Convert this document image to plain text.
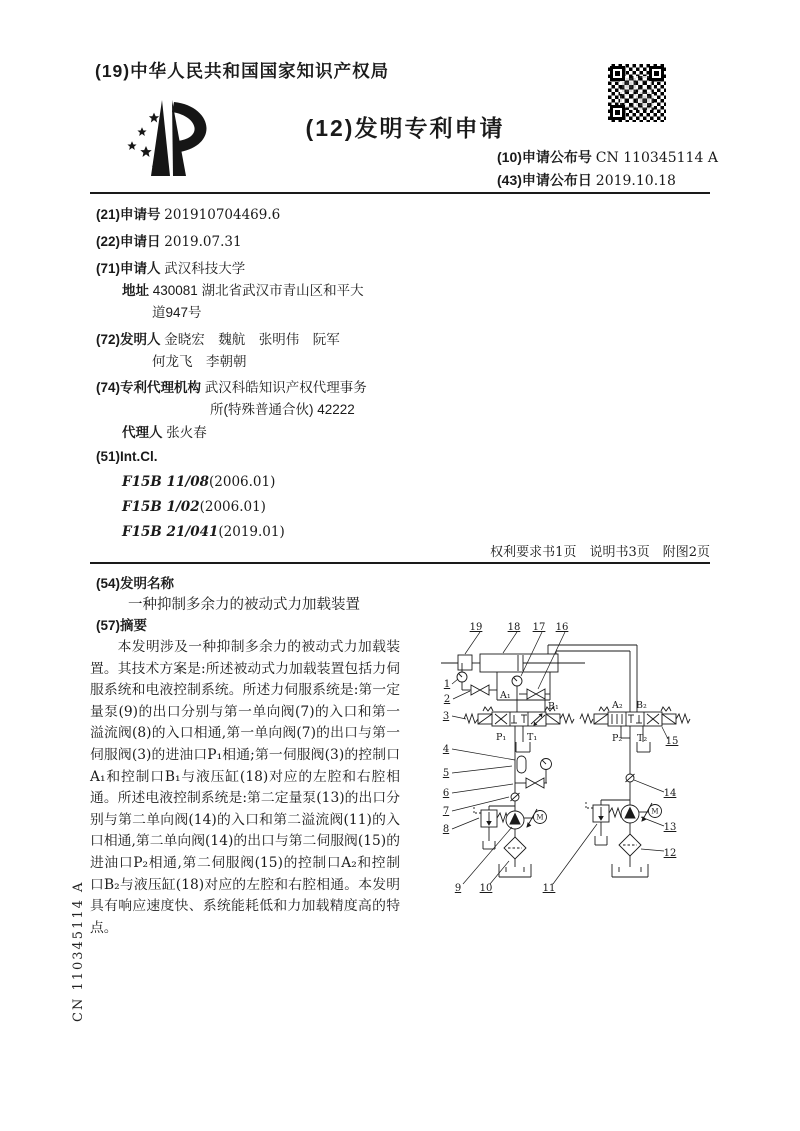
(19)中华人民共和国国家知识产权局
(12)发明专利申请
(10)申请公布号 CN 110345114 A
(43)申请公布日 2019.10.18
(21)申请号 201910704469.6
(22)申请日 2019.07.31
(71)申请人 武汉科技大学
地址 430081 湖北省武汉市青山区和平大
道947号
(72)发明人 金晓宏　魏航　张明伟　阮军
何龙飞　李朝朝
(74)专利代理机构 武汉科皓知识产权代理事务
所(特殊普通合伙) 42222
代理人 张火春
(51)Int.Cl.
F15B 11/08(2006.01)
F15B 1/02(2006.01)
F15B 21/041(2019.01)
权利要求书1页　说明书3页　附图2页
(54)发明名称
一种抑制多余力的被动式力加载装置
(57)摘要
本发明涉及一种抑制多余力的被动式力加载装置。其技术方案是:所述被动式力加载装置包括力伺服系统和电液控制系统。所述力伺服系统是:第一定量泵(9)的出口分别与第一单向阀(7)的入口和第一溢流阀(8)的入口相通,第一单向阀(7)的出口与第一伺服阀(3)的进油口P₁相通;第一伺服阀(3)的控制口A₁和控制口B₁与液压缸(18)对应的左腔和右腔相通。所述电液控制系统是:第二定量泵(13)的出口分别与第二单向阀(14)的入口和第二溢流阀(11)的入口相通,第二单向阀(14)的出口与第二伺服阀(15)的进油口P₂相通,第二伺服阀(15)的控制口A₂和控制口B₂与液压缸(18)对应的左腔和右腔相通。本发明具有响应速度快、系统能耗低和力加载精度高的特点。
CN 110345114 A
M
M
19	18 17 16
1
2
3
4
5
6
7
8
9 10	11
12
13
14
15
A₁
B₁
P₁ T₁
A₂ B₂
P₂ T₂
